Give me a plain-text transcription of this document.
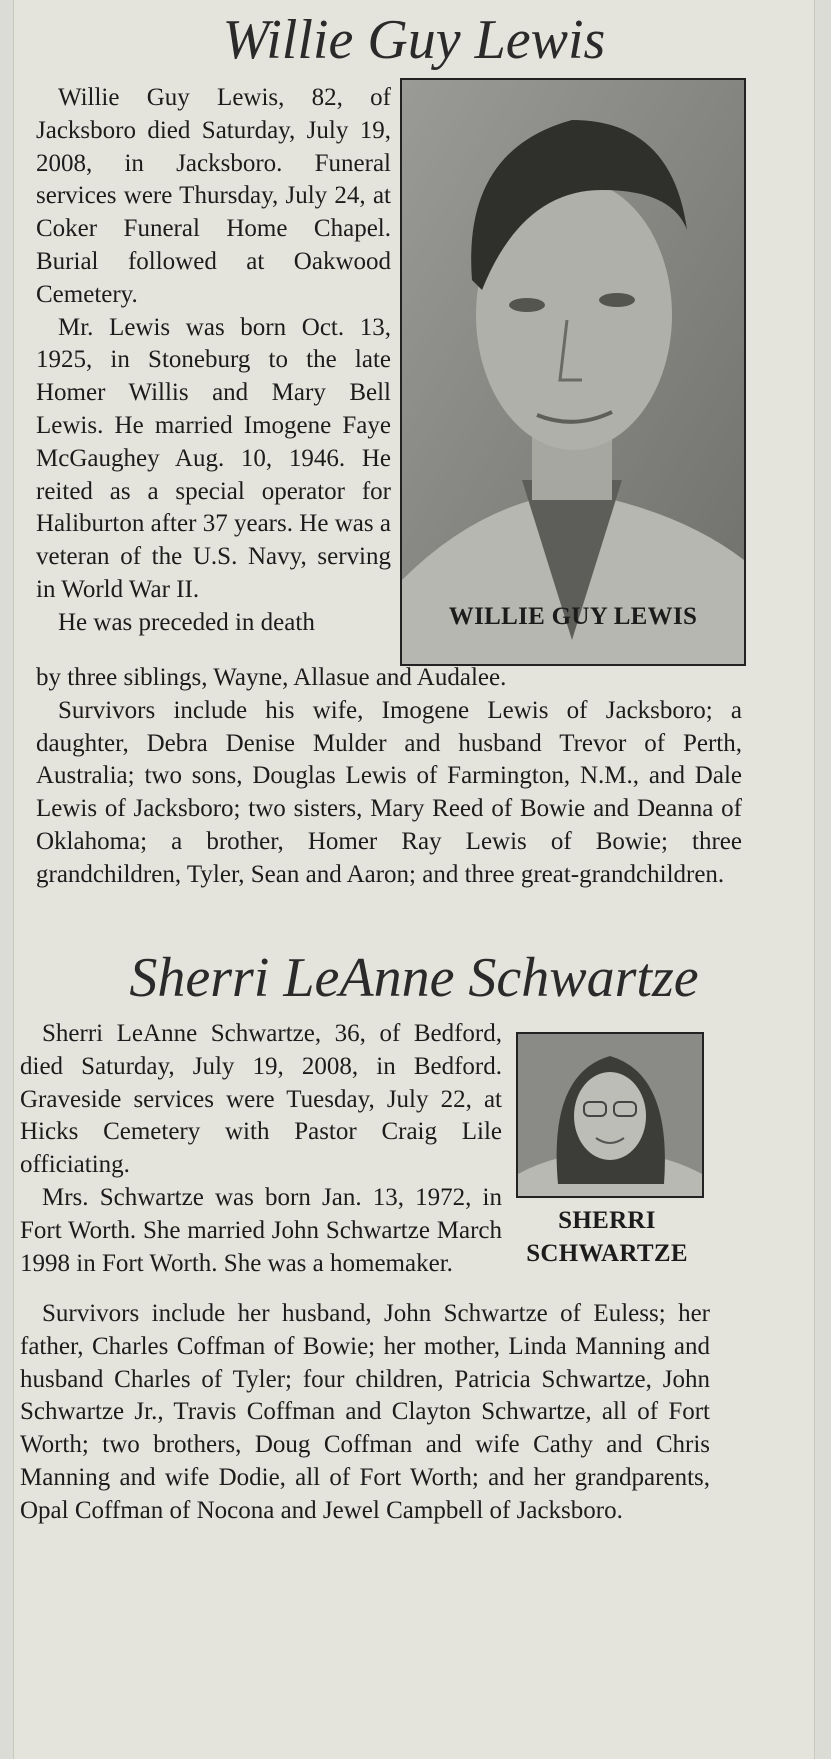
Willie Guy Lewis

Willie Guy Lewis, 82, of Jacksboro died Saturday, July 19, 2008, in Jacksboro. Funeral services were Thursday, July 24, at Coker Funeral Home Chapel. Burial followed at Oakwood Cemetery.

Mr. Lewis was born Oct. 13, 1925, in Stoneburg to the late Homer Willis and Mary Bell Lewis. He married Imogene Faye McGaughey Aug. 10, 1946. He reited as a special operator for Haliburton after 37 years. He was a veteran of the U.S. Navy, serving in World War II.

He was preceded in death	WILLIE GUY LEWIS

by three siblings, Wayne, Allasue and Audalee.

Survivors include his wife, Imogene Lewis of Jacksboro; a daughter, Debra Denise Mulder and husband Trevor of Perth, Australia; two sons, Douglas Lewis of Farmington, N.M., and Dale Lewis of Jacksboro; two sisters, Mary Reed of Bowie and Deanna of Oklahoma; a brother, Homer Ray Lewis of Bowie; three grandchildren, Tyler, Sean and Aaron; and three great-grandchildren.

Sherri LeAnne Schwartze

Sherri LeAnne Schwartze, 36, of Bedford, died Saturday, July 19, 2008, in Bedford. Graveside services were Tuesday, July 22, at Hicks Cemetery with Pastor Craig Lile officiating.

Mrs. Schwartze was born Jan. 13, 1972, in Fort Worth. She married John Schwartze March 1998 in Fort Worth. She was a homemaker.

SHERRI
SCHWARTZE

Survivors include her husband, John Schwartze of Euless; her father, Charles Coffman of Bowie; her mother, Linda Manning and husband Charles of Tyler; four children, Patricia Schwartze, John Schwartze Jr., Travis Coffman and Clayton Schwartze, all of Fort Worth; two brothers, Doug Coffman and wife Cathy and Chris Manning and wife Dodie, all of Fort Worth; and her grandparents, Opal Coffman of Nocona and Jewel Campbell of Jacksboro.
